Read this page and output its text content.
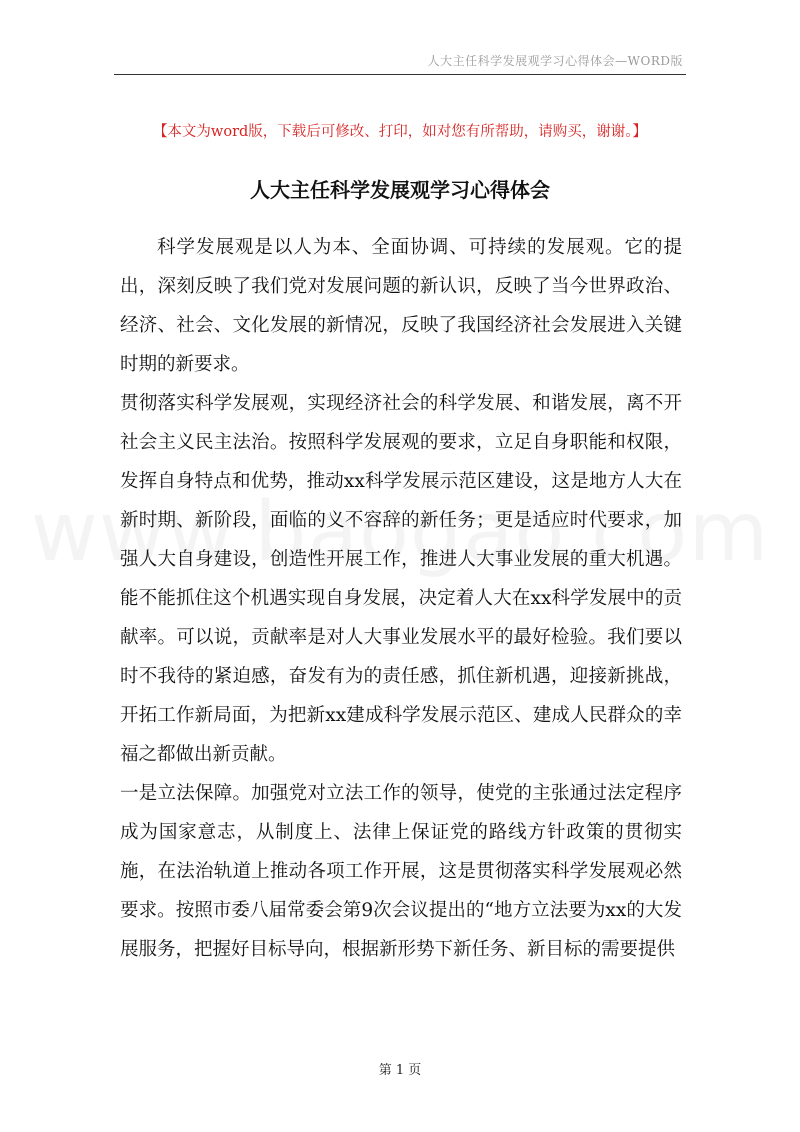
人大主任科学发展观学习心得体会—WORD版
【本文为word版，下载后可修改、打印，如对您有所帮助，请购买，谢谢。】
人大主任科学发展观学习心得体会

科学发展观是以人为本、全面协调、可持续的发展观。它的提出，深刻反映了我们党对发展问题的新认识，反映了当今世界政治、经济、社会、文化发展的新情况，反映了我国经济社会发展进入关键时期的新要求。

贯彻落实科学发展观，实现经济社会的科学发展、和谐发展，离不开社会主义民主法治。按照科学发展观的要求，立足自身职能和权限，发挥自身特点和优势，推动xx科学发展示范区建设，这是地方人大在新时期、新阶段，面临的义不容辞的新任务；更是适应时代要求，加强人大自身建设，创造性开展工作，推进人大事业发展的重大机遇。能不能抓住这个机遇实现自身发展，决定着人大在xx科学发展中的贡献率。可以说，贡献率是对人大事业发展水平的最好检验。我们要以时不我待的紧迫感，奋发有为的责任感，抓住新机遇，迎接新挑战，开拓工作新局面，为把新xx建成科学发展示范区、建成人民群众的幸福之都做出新贡献。

一是立法保障。加强党对立法工作的领导，使党的主张通过法定程序成为国家意志，从制度上、法律上保证党的路线方针政策的贯彻实施，在法治轨道上推动各项工作开展，这是贯彻落实科学发展观必然要求。按照市委八届常委会第9次会议提出的“地方立法要为xx的大发展服务，把握好目标导向，根据新形势下新任务、新目标的需要提供

第 1 页
